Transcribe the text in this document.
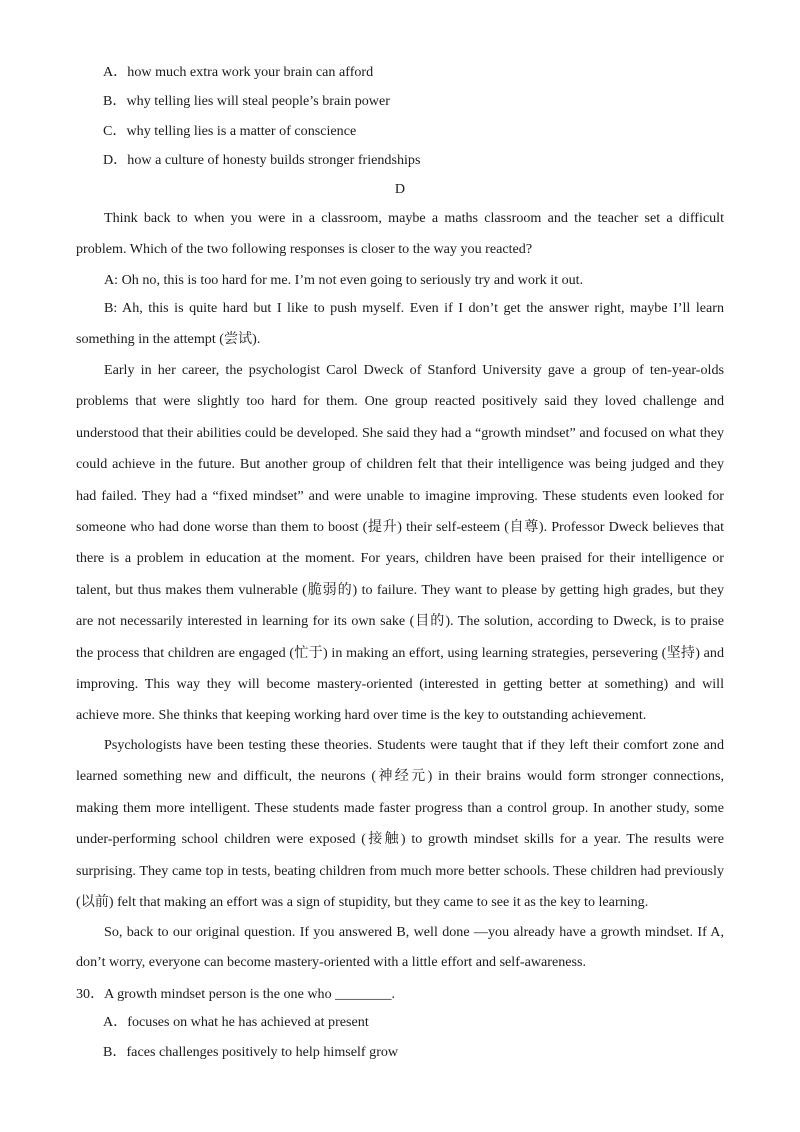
A．how much extra work your brain can afford
B．why telling lies will steal people’s brain power
C．why telling lies is a matter of conscience
D．how a culture of honesty builds stronger friendships
D
Think back to when you were in a classroom, maybe a maths classroom and the teacher set a difficult problem. Which of the two following responses is closer to the way you reacted?
A: Oh no, this is too hard for me. I’m not even going to seriously try and work it out.
B: Ah, this is quite hard but I like to push myself. Even if I don’t get the answer right, maybe I’ll learn something in the attempt (尝试).
Early in her career, the psychologist Carol Dweck of Stanford University gave a group of ten-year-olds problems that were slightly too hard for them. One group reacted positively said they loved challenge and understood that their abilities could be developed. She said they had a “growth mindset” and focused on what they could achieve in the future. But another group of children felt that their intelligence was being judged and they had failed. They had a “fixed mindset” and were unable to imagine improving. These students even looked for someone who had done worse than them to boost (提升) their self-esteem (自尊). Professor Dweck believes that there is a problem in education at the moment. For years, children have been praised for their intelligence or talent, but thus makes them vulnerable (脆弱的) to failure. They want to please by getting high grades, but they are not necessarily interested in learning for its own sake (目的). The solution, according to Dweck, is to praise the process that children are engaged (忙于) in making an effort, using learning strategies, persevering (坚持) and improving. This way they will become mastery-oriented (interested in getting better at something) and will achieve more. She thinks that keeping working hard over time is the key to outstanding achievement.
Psychologists have been testing these theories. Students were taught that if they left their comfort zone and learned something new and difficult, the neurons (神经元) in their brains would form stronger connections, making them more intelligent. These students made faster progress than a control group. In another study, some under-performing school children were exposed (接触) to growth mindset skills for a year. The results were surprising. They came top in tests, beating children from much more better schools. These children had previously (以前) felt that making an effort was a sign of stupidity, but they came to see it as the key to learning.
So, back to our original question. If you answered B, well done —you already have a growth mindset. If A, don’t worry, everyone can become mastery-oriented with a little effort and self-awareness.
30．A growth mindset person is the one who ________.
A．focuses on what he has achieved at present
B．faces challenges positively to help himself grow
